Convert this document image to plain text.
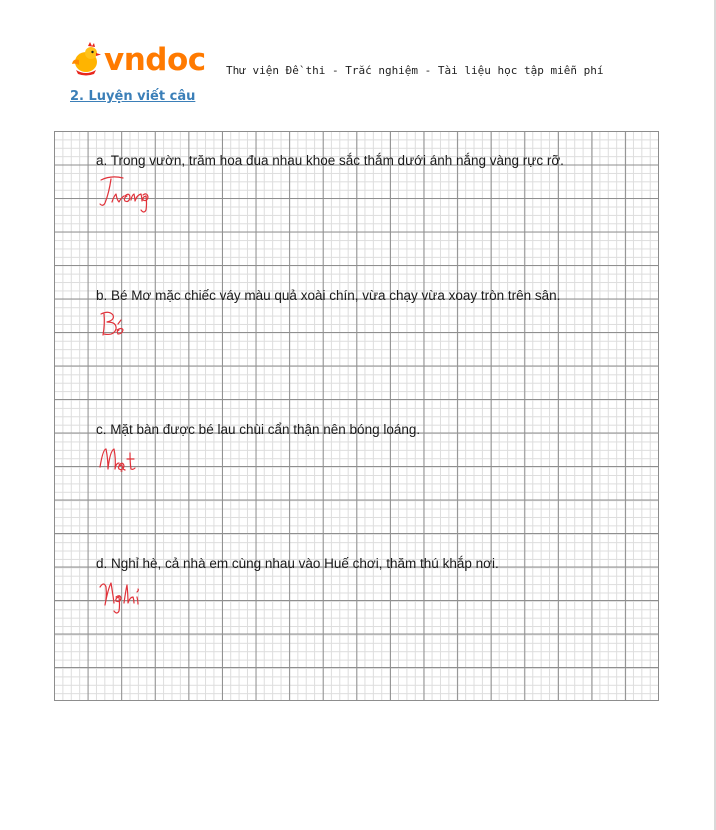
vndoc Thư viện Đề thi - Trắc nghiệm - Tài liệu học tập miễn phí
2. Luyện viết câu
a. Trong vườn, trăm hoa đua nhau khoe sắc thắm dưới ánh nắng vàng rực rỡ.
b. Bé Mơ mặc chiếc váy màu quả xoài chín, vừa chạy vừa xoay tròn trên sân.
c. Mặt bàn được bé lau chùi cẩn thận nên bóng loáng.
d. Nghỉ hè, cả nhà em cùng nhau vào Huế chơi, thăm thú khắp nơi.
